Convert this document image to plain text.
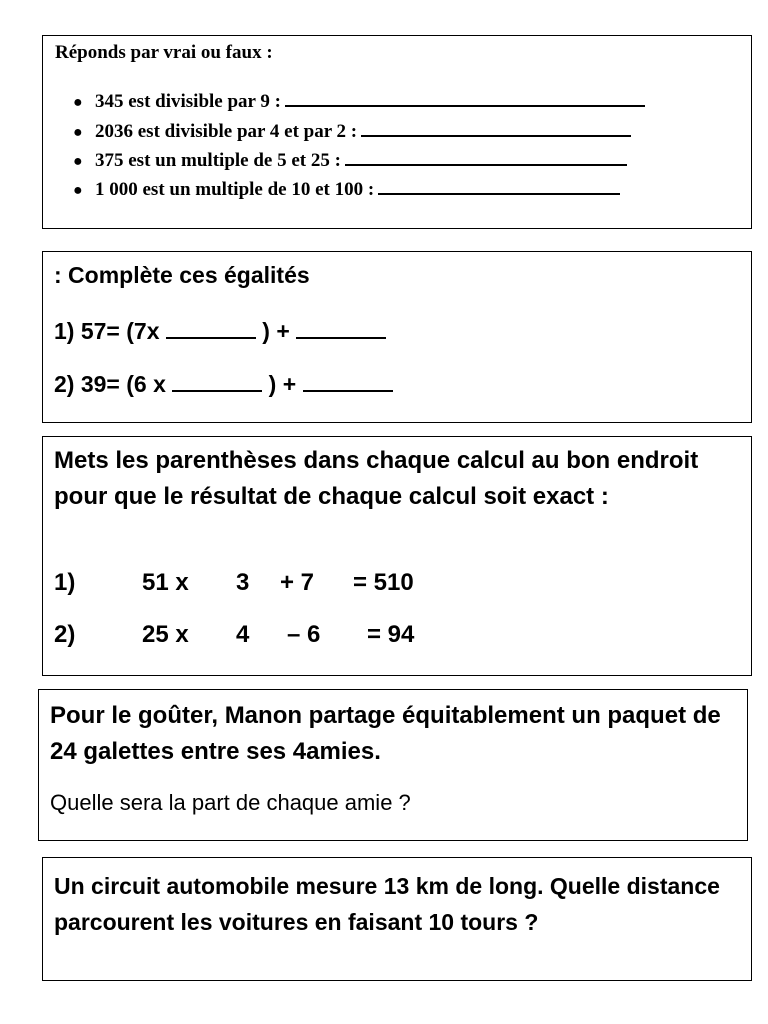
Réponds par vrai ou faux :
● 345 est divisible par 9 :
● 2036 est divisible par 4 et par 2 :
● 375 est un multiple de 5 et 25 :
● 1 000 est un multiple de 10 et 100 :
: Complète ces égalités
1) 57= (7x	) +
2) 39= (6 x	) +
Mets les parenthèses dans chaque calcul au bon endroit pour que le résultat de chaque calcul soit exact :
1)	51 x 3 + 7 = 510
2)	25 x 4 – 6 = 94
Pour le goûter, Manon partage équitablement un paquet de 24 galettes entre ses 4amies.
Quelle sera la part de chaque amie ?
Un circuit automobile mesure 13 km de long. Quelle distance parcourent les voitures en faisant 10 tours ?
